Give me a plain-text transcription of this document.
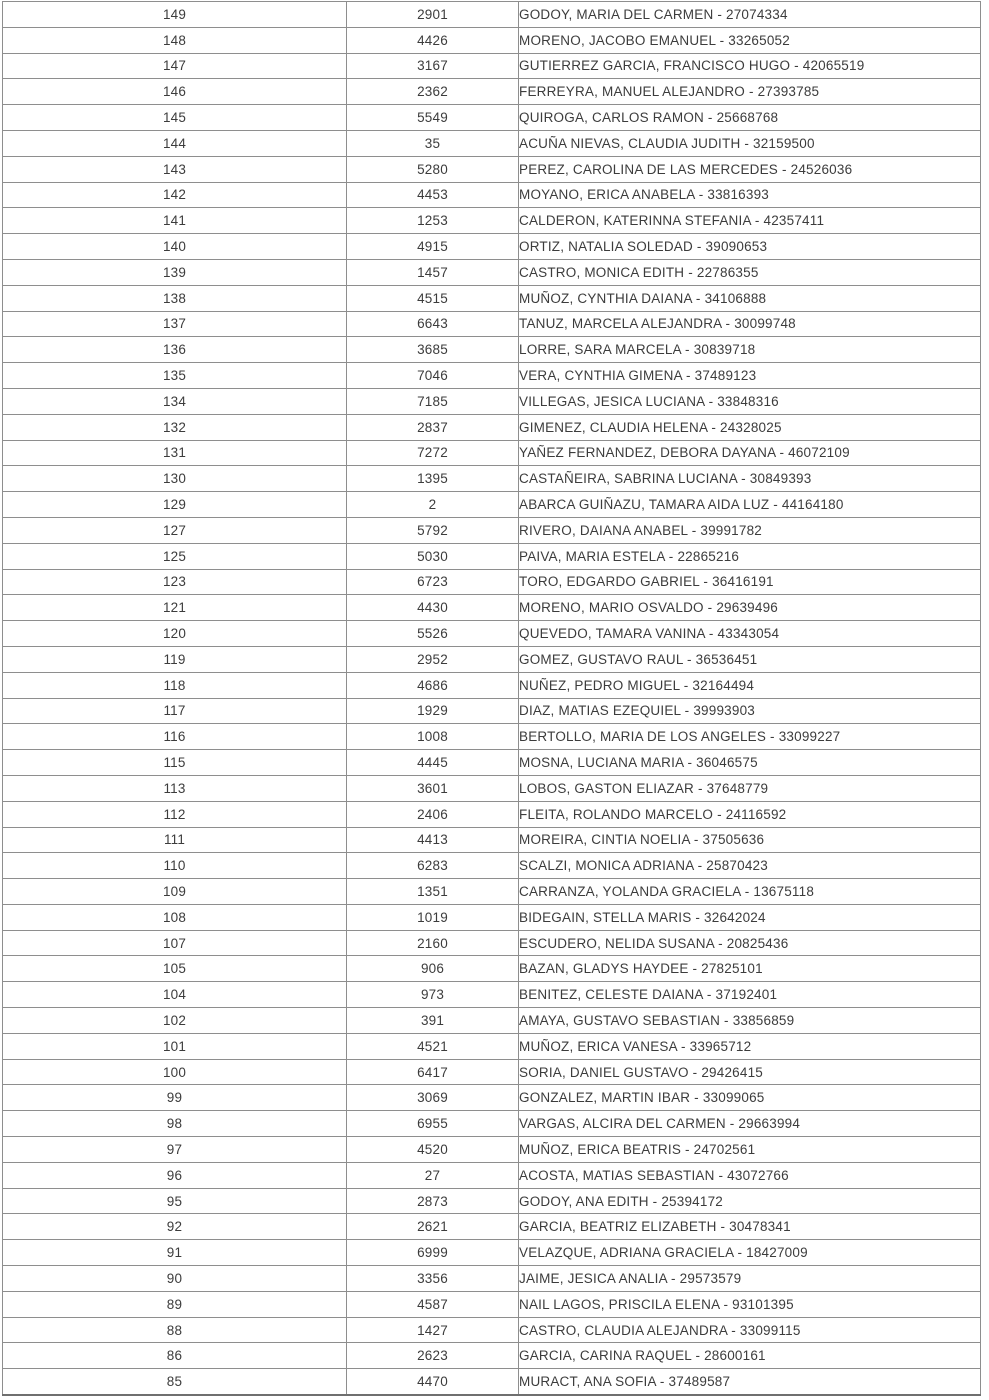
149	2901	GODOY, MARIA DEL CARMEN - 27074334
148	4426	MORENO, JACOBO EMANUEL - 33265052
147	3167	GUTIERREZ GARCIA, FRANCISCO HUGO - 42065519
146	2362	FERREYRA, MANUEL ALEJANDRO - 27393785
145	5549	QUIROGA, CARLOS RAMON - 25668768
144	35	ACUÑA NIEVAS, CLAUDIA JUDITH - 32159500
143	5280	PEREZ, CAROLINA DE LAS MERCEDES - 24526036
142	4453	MOYANO, ERICA ANABELA - 33816393
141	1253	CALDERON, KATERINNA STEFANIA - 42357411
140	4915	ORTIZ, NATALIA SOLEDAD - 39090653
139	1457	CASTRO, MONICA EDITH - 22786355
138	4515	MUÑOZ, CYNTHIA DAIANA - 34106888
137	6643	TANUZ, MARCELA ALEJANDRA - 30099748
136	3685	LORRE, SARA MARCELA - 30839718
135	7046	VERA, CYNTHIA GIMENA - 37489123
134	7185	VILLEGAS, JESICA LUCIANA - 33848316
132	2837	GIMENEZ, CLAUDIA HELENA - 24328025
131	7272	YAÑEZ FERNANDEZ, DEBORA DAYANA - 46072109
130	1395	CASTAÑEIRA, SABRINA LUCIANA - 30849393
129	2	ABARCA GUIÑAZU, TAMARA AIDA LUZ - 44164180
127	5792	RIVERO, DAIANA ANABEL - 39991782
125	5030	PAIVA, MARIA ESTELA - 22865216
123	6723	TORO, EDGARDO GABRIEL - 36416191
121	4430	MORENO, MARIO OSVALDO - 29639496
120	5526	QUEVEDO, TAMARA VANINA - 43343054
119	2952	GOMEZ, GUSTAVO RAUL - 36536451
118	4686	NUÑEZ, PEDRO MIGUEL - 32164494
117	1929	DIAZ, MATIAS EZEQUIEL - 39993903
116	1008	BERTOLLO, MARIA DE LOS ANGELES - 33099227
115	4445	MOSNA, LUCIANA MARIA - 36046575
113	3601	LOBOS, GASTON ELIAZAR - 37648779
112	2406	FLEITA, ROLANDO MARCELO - 24116592
111	4413	MOREIRA, CINTIA NOELIA - 37505636
110	6283	SCALZI, MONICA ADRIANA - 25870423
109	1351	CARRANZA, YOLANDA GRACIELA - 13675118
108	1019	BIDEGAIN, STELLA MARIS - 32642024
107	2160	ESCUDERO, NELIDA SUSANA - 20825436
105	906	BAZAN, GLADYS HAYDEE - 27825101
104	973	BENITEZ, CELESTE DAIANA - 37192401
102	391	AMAYA, GUSTAVO SEBASTIAN - 33856859
101	4521	MUÑOZ, ERICA VANESA - 33965712
100	6417	SORIA, DANIEL GUSTAVO - 29426415
99	3069	GONZALEZ, MARTIN IBAR - 33099065
98	6955	VARGAS, ALCIRA DEL CARMEN - 29663994
97	4520	MUÑOZ, ERICA BEATRIS - 24702561
96	27	ACOSTA, MATIAS SEBASTIAN - 43072766
95	2873	GODOY, ANA EDITH - 25394172
92	2621	GARCIA, BEATRIZ ELIZABETH - 30478341
91	6999	VELAZQUE, ADRIANA GRACIELA - 18427009
90	3356	JAIME, JESICA ANALIA - 29573579
89	4587	NAIL LAGOS, PRISCILA ELENA - 93101395
88	1427	CASTRO, CLAUDIA ALEJANDRA - 33099115
86	2623	GARCIA, CARINA RAQUEL - 28600161
85	4470	MURACT, ANA SOFIA - 37489587
